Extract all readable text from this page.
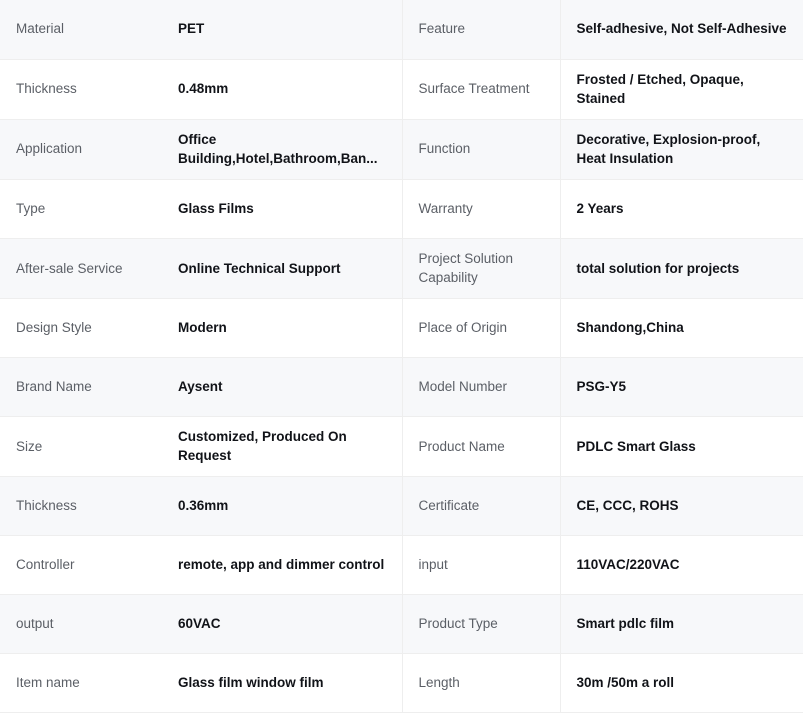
Material	PET	Feature	Self-adhesive, Not Self-Adhesive
Thickness	0.48mm	Surface Treatment	Frosted / Etched, Opaque, Stained
Application	Office Building,Hotel,Bathroom,Ban...	Function	Decorative, Explosion-proof, Heat Insulation
Type	Glass Films	Warranty	2 Years
After-sale Service	Online Technical Support	Project Solution Capability	total solution for projects
Design Style	Modern	Place of Origin	Shandong,China
Brand Name	Aysent	Model Number	PSG-Y5
Size	Customized, Produced On Request	Product Name	PDLC Smart Glass
Thickness	0.36mm	Certificate	CE, CCC, ROHS
Controller	remote, app and dimmer control	input	110VAC/220VAC
output	60VAC	Product Type	Smart pdlc film
Item name	Glass film window film	Length	30m /50m a roll
